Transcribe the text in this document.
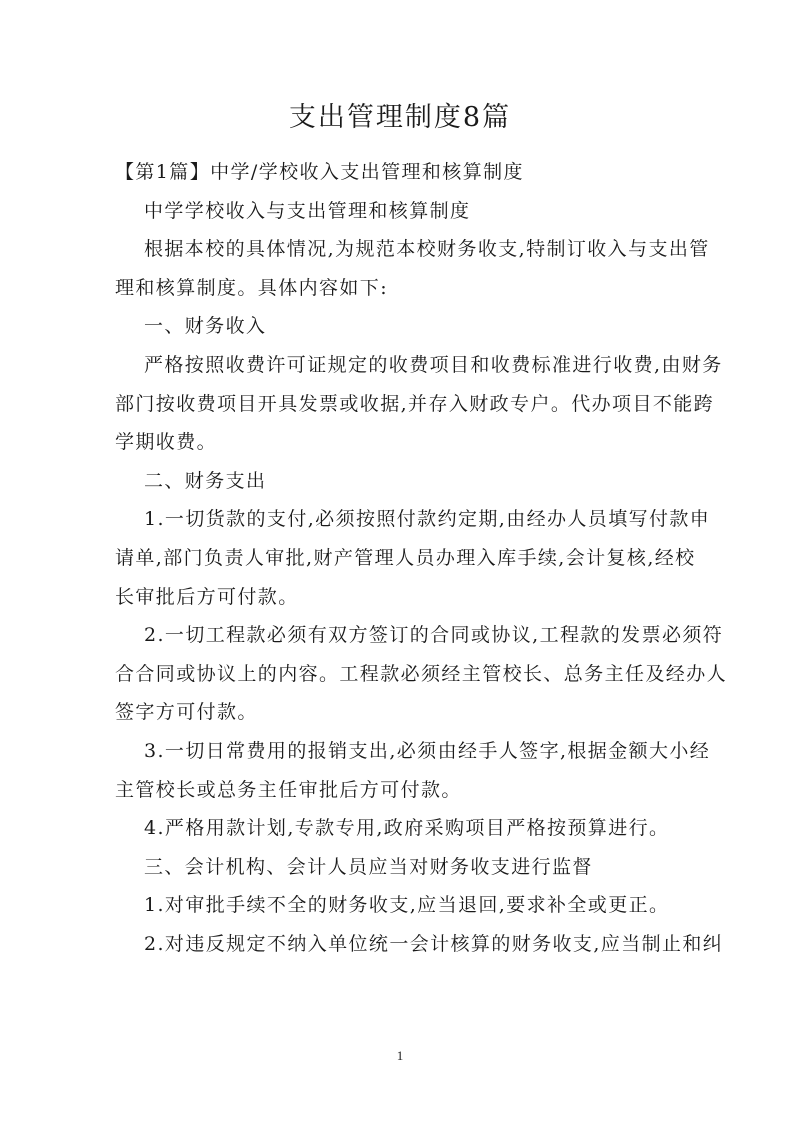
支出管理制度8篇

【第1篇】中学/学校收入支出管理和核算制度

中学学校收入与支出管理和核算制度

根据本校的具体情况,为规范本校财务收支,特制订收入与支出管

理和核算制度。具体内容如下:

一、财务收入

严格按照收费许可证规定的收费项目和收费标准进行收费,由财务

部门按收费项目开具发票或收据,并存入财政专户。代办项目不能跨

学期收费。

二、财务支出

1.一切货款的支付,必须按照付款约定期,由经办人员填写付款申

请单,部门负责人审批,财产管理人员办理入库手续,会计复核,经校

长审批后方可付款。

2.一切工程款必须有双方签订的合同或协议,工程款的发票必须符

合合同或协议上的内容。工程款必须经主管校长、总务主任及经办人

签字方可付款。

3.一切日常费用的报销支出,必须由经手人签字,根据金额大小经

主管校长或总务主任审批后方可付款。

4.严格用款计划,专款专用,政府采购项目严格按预算进行。

三、会计机构、会计人员应当对财务收支进行监督

1.对审批手续不全的财务收支,应当退回,要求补全或更正。

2.对违反规定不纳入单位统一会计核算的财务收支,应当制止和纠

1
